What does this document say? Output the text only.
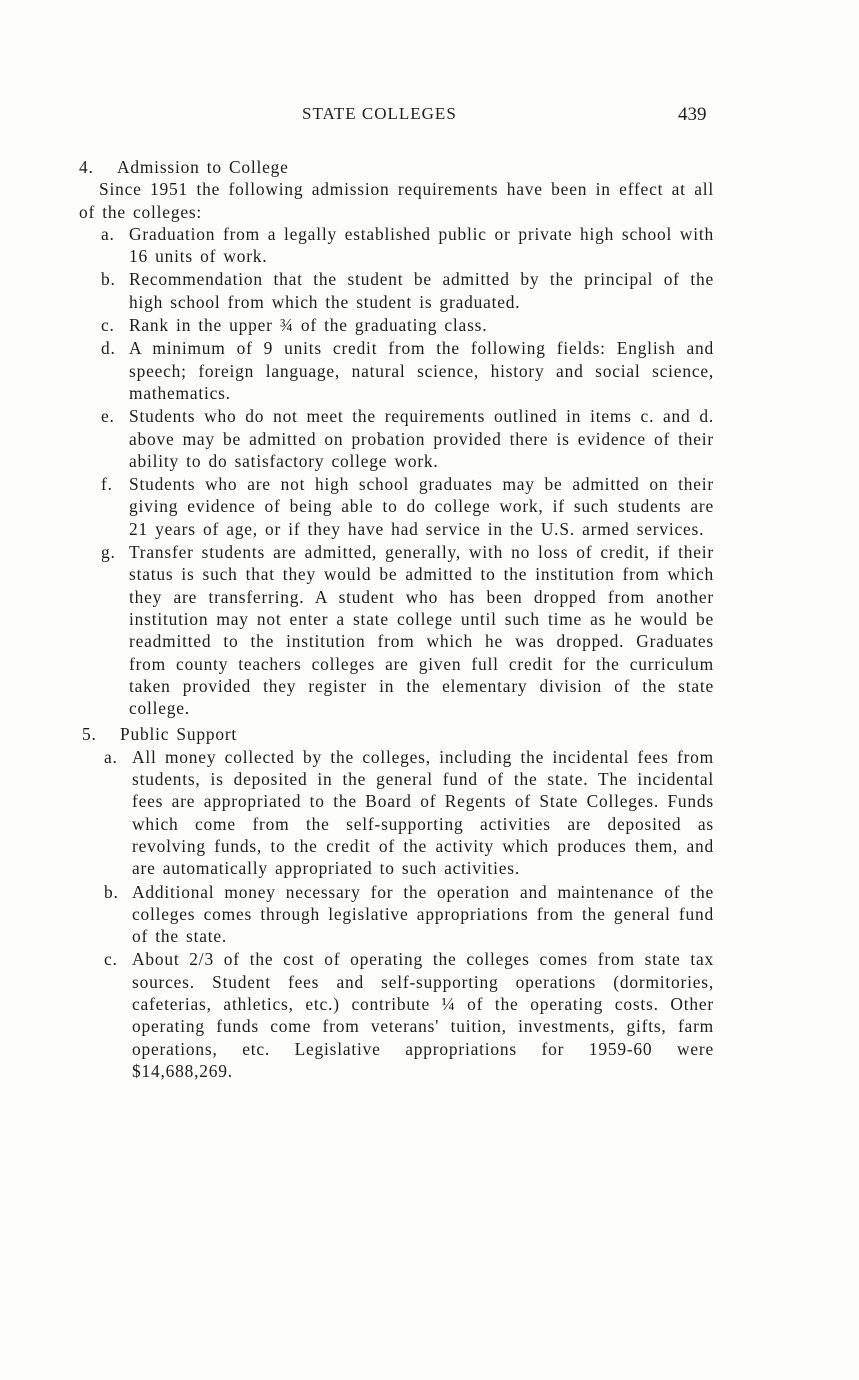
STATE COLLEGES	439
4. Admission to College

Since 1951 the following admission requirements have been in effect at all of the colleges:

a. Graduation from a legally established public or private high school with 16 units of work.
b. Recommendation that the student be admitted by the principal of the high school from which the student is graduated.
c. Rank in the upper ¾ of the graduating class.
d. A minimum of 9 units credit from the following fields: English and speech; foreign language, natural science, history and social science, mathematics.
e. Students who do not meet the requirements outlined in items c. and d. above may be admitted on probation provided there is evidence of their ability to do satisfactory college work.
f. Students who are not high school graduates may be admitted on their giving evidence of being able to do college work, if such students are 21 years of age, or if they have had service in the U.S. armed services.
g. Transfer students are admitted, generally, with no loss of credit, if their status is such that they would be admitted to the institution from which they are transferring. A student who has been dropped from another institution may not enter a state college until such time as he would be readmitted to the institution from which he was dropped. Graduates from county teachers colleges are given full credit for the curriculum taken provided they register in the elementary division of the state college.
5. Public Support
a. All money collected by the colleges, including the incidental fees from students, is deposited in the general fund of the state. The incidental fees are appropriated to the Board of Regents of State Colleges. Funds which come from the self-supporting activities are deposited as revolving funds, to the credit of the activity which produces them, and are automatically appropriated to such activities.
b. Additional money necessary for the operation and maintenance of the colleges comes through legislative appropriations from the general fund of the state.
c. About 2/3 of the cost of operating the colleges comes from state tax sources. Student fees and self-supporting operations (dormitories, cafeterias, athletics, etc.) contribute ¼ of the operating costs. Other operating funds come from veterans' tuition, investments, gifts, farm operations, etc. Legislative appropriations for 1959-60 were $14,688,269.
